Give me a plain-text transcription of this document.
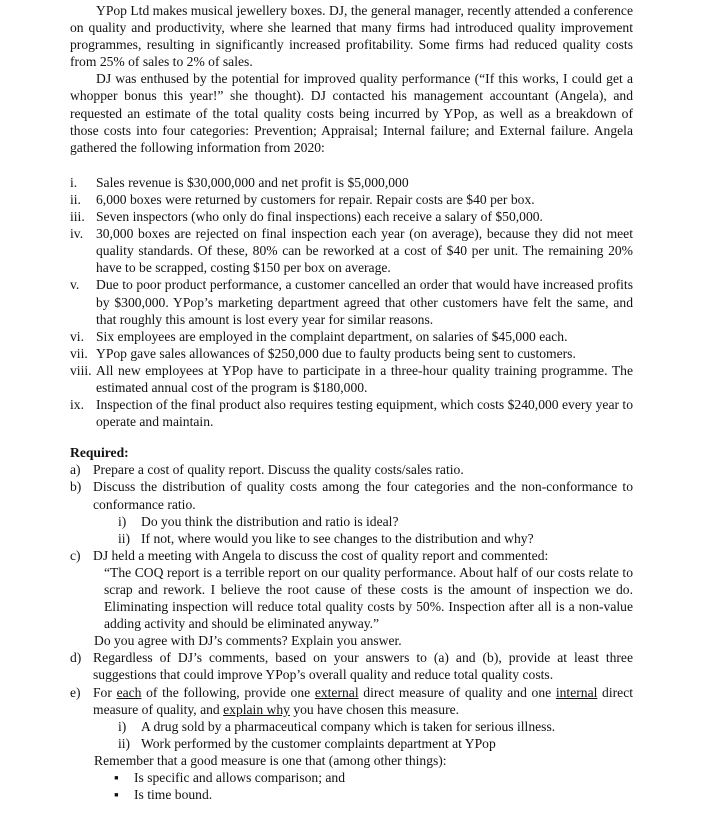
YPop Ltd makes musical jewellery boxes. DJ, the general manager, recently attended a conference on quality and productivity, where she learned that many firms had introduced quality improvement programmes, resulting in significantly increased profitability. Some firms had reduced quality costs from 25% of sales to 2% of sales.

DJ was enthused by the potential for improved quality performance (“If this works, I could get a whopper bonus this year!” she thought). DJ contacted his management accountant (Angela), and requested an estimate of the total quality costs being incurred by YPop, as well as a breakdown of those costs into four categories: Prevention; Appraisal; Internal failure; and External failure. Angela gathered the following information from 2020:

i.	Sales revenue is $30,000,000 and net profit is $5,000,000
ii.	6,000 boxes were returned by customers for repair. Repair costs are $40 per box.
iii. Seven inspectors (who only do final inspections) each receive a salary of $50,000.
iv. 30,000 boxes are rejected on final inspection each year (on average), because they did not meet quality standards. Of these, 80% can be reworked at a cost of $40 per unit. The remaining 20% have to be scrapped, costing $150 per box on average.
v.	Due to poor product performance, a customer cancelled an order that would have increased profits by $300,000. YPop’s marketing department agreed that other customers have felt the same, and that roughly this amount is lost every year for similar reasons.
vi. Six employees are employed in the complaint department, on salaries of $45,000 each.
vii. YPop gave sales allowances of $250,000 due to faulty products being sent to customers.
viii. All new employees at YPop have to participate in a three-hour quality training programme. The estimated annual cost of the program is $180,000.
ix. Inspection of the final product also requires testing equipment, which costs $240,000 every year to operate and maintain.
Required:
a) Prepare a cost of quality report. Discuss the quality costs/sales ratio.
b) Discuss the distribution of quality costs among the four categories and the non-conformance to conformance ratio.
i)	Do you think the distribution and ratio is ideal?
ii) If not, where would you like to see changes to the distribution and why?
c) DJ held a meeting with Angela to discuss the cost of quality report and commented:

“The COQ report is a terrible report on our quality performance. About half of our costs relate to scrap and rework. I believe the root cause of these costs is the amount of inspection we do. Eliminating inspection will reduce total quality costs by 50%. Inspection after all is a non-value adding activity and should be eliminated anyway.”

Do you agree with DJ’s comments? Explain you answer.

d) Regardless of DJ’s comments, based on your answers to (a) and (b), provide at least three suggestions that could improve YPop’s overall quality and reduce total quality costs.
e) For each of the following, provide one external direct measure of quality and one internal direct measure of quality, and explain why you have chosen this measure.
i)	A drug sold by a pharmaceutical company which is taken for serious illness.
ii) Work performed by the customer complaints department at YPop

Remember that a good measure is one that (among other things):

▪	Is specific and allows comparison; and
▪	Is time bound.
